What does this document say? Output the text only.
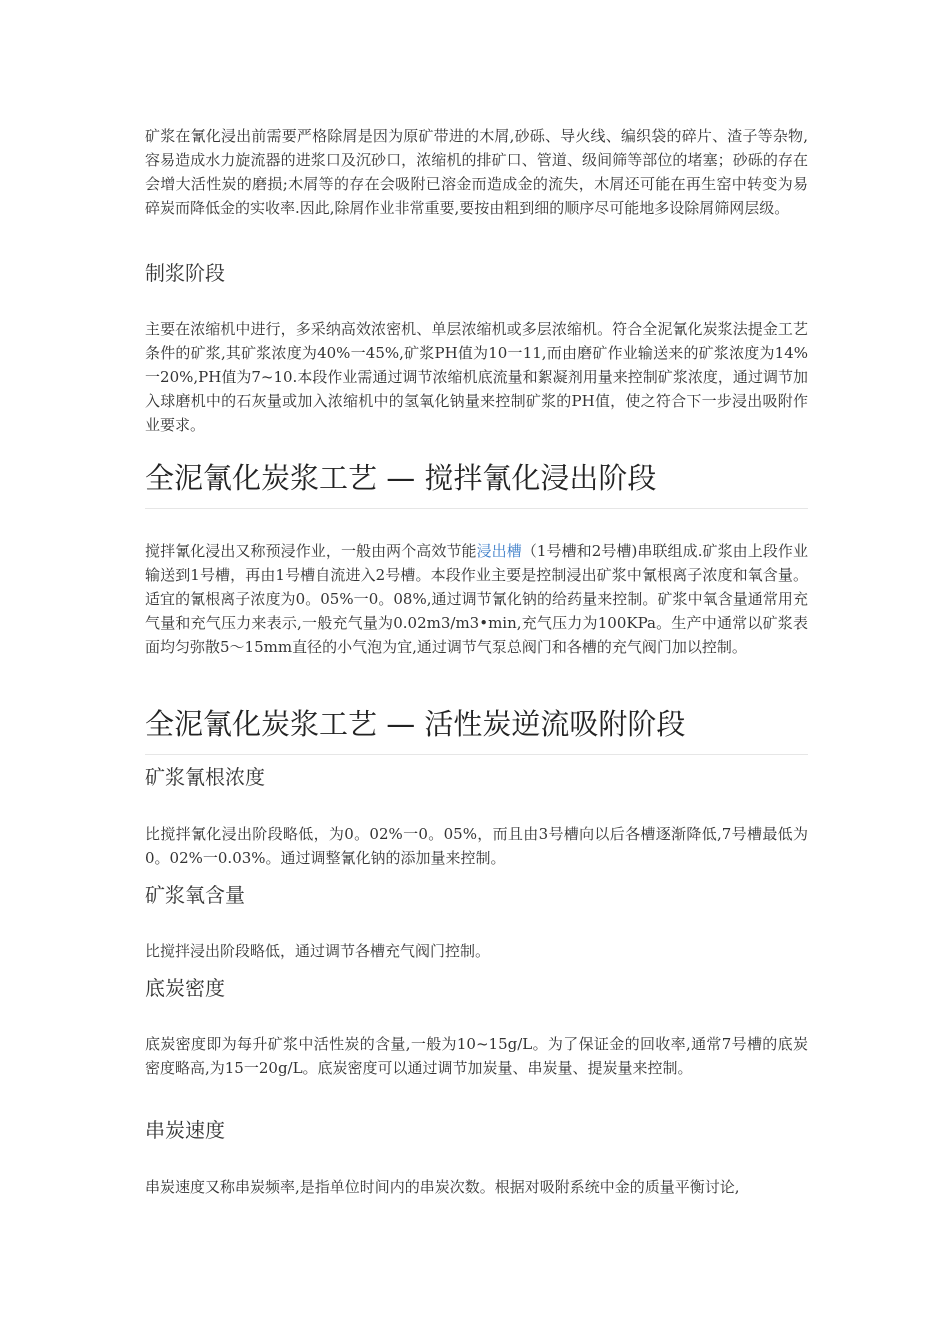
矿浆在氰化浸出前需要严格除屑是因为原矿带进的木屑,砂砾、导火线、编织袋的碎片、渣子等杂物,容易造成水力旋流器的进浆口及沉砂口，浓缩机的排矿口、管道、级间筛等部位的堵塞；砂砾的存在会增大活性炭的磨损;木屑等的存在会吸附已溶金而造成金的流失，木屑还可能在再生窑中转变为易碎炭而降低金的实收率.因此,除屑作业非常重要,要按由粗到细的顺序尽可能地多设除屑筛网层级。

制浆阶段

主要在浓缩机中进行，多采纳高效浓密机、单层浓缩机或多层浓缩机。符合全泥氰化炭浆法提金工艺条件的矿浆,其矿浆浓度为40%一45%,矿浆PH值为10一11,而由磨矿作业输送来的矿浆浓度为14%一20%,PH值为7~10.本段作业需通过调节浓缩机底流量和絮凝剂用量来控制矿浆浓度，通过调节加入球磨机中的石灰量或加入浓缩机中的氢氧化钠量来控制矿浆的PH值，使之符合下一步浸出吸附作业要求。

全泥氰化炭浆工艺 — 搅拌氰化浸出阶段

搅拌氰化浸出又称预浸作业，一般由两个高效节能浸出槽（1号槽和2号槽)串联组成.矿浆由上段作业输送到1号槽，再由1号槽自流进入2号槽。本段作业主要是控制浸出矿浆中氰根离子浓度和氧含量。适宜的氰根离子浓度为0。05%一0。08%,通过调节氰化钠的给药量来控制。矿浆中氧含量通常用充气量和充气压力来表示,一般充气量为0.02m3/m3•min,充气压力为100KPa。生产中通常以矿浆表面均匀弥散5～15mm直径的小气泡为宜,通过调节气泵总阀门和各槽的充气阀门加以控制。

全泥氰化炭浆工艺 — 活性炭逆流吸附阶段
矿浆氰根浓度

比搅拌氰化浸出阶段略低，为0。02%一0。05%，而且由3号槽向以后各槽逐渐降低,7号槽最低为0。02%一0.03%。通过调整氰化钠的添加量来控制。

矿浆氧含量

比搅拌浸出阶段略低，通过调节各槽充气阀门控制。

底炭密度

底炭密度即为每升矿浆中活性炭的含量,一般为10~15g/L。为了保证金的回收率,通常7号槽的底炭密度略高,为15一20g/L。底炭密度可以通过调节加炭量、串炭量、提炭量来控制。

串炭速度

串炭速度又称串炭频率,是指单位时间内的串炭次数。根据对吸附系统中金的质量平衡讨论,
